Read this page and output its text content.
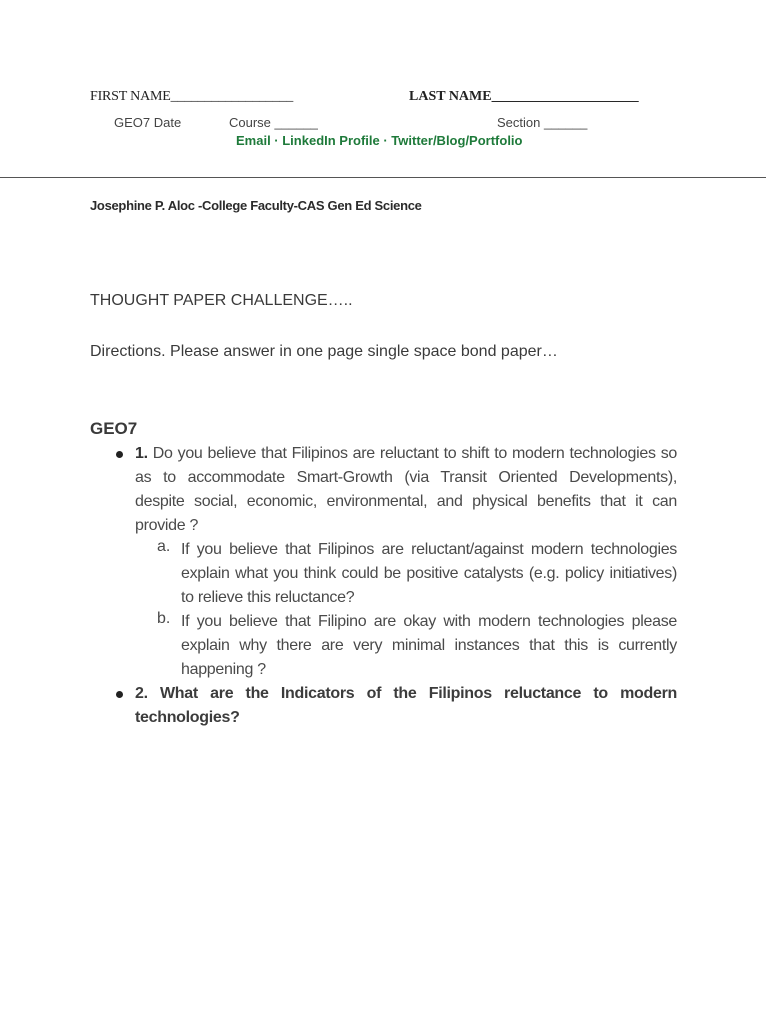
FIRST NAME__________________	LAST NAME_____________________
GEO7 Date	Course ______	Section ______
Email · LinkedIn Profile · Twitter/Blog/Portfolio
Josephine P. Aloc -College Faculty-CAS Gen Ed Science
THOUGHT PAPER CHALLENGE…..
Directions. Please answer in one page single space bond paper…
GEO7
1. Do you believe that Filipinos are reluctant to shift to modern technologies so as to accommodate Smart-Growth (via Transit Oriented Developments), despite social, economic, environmental, and physical benefits that it can provide ?
a. If you believe that Filipinos are reluctant/against modern technologies explain what you think could be positive catalysts (e.g. policy initiatives) to relieve this reluctance?
b. If you believe that Filipino are okay with modern technologies please explain why there are very minimal instances that this is currently happening ?
2. What are the Indicators of the Filipinos reluctance to modern technologies?
